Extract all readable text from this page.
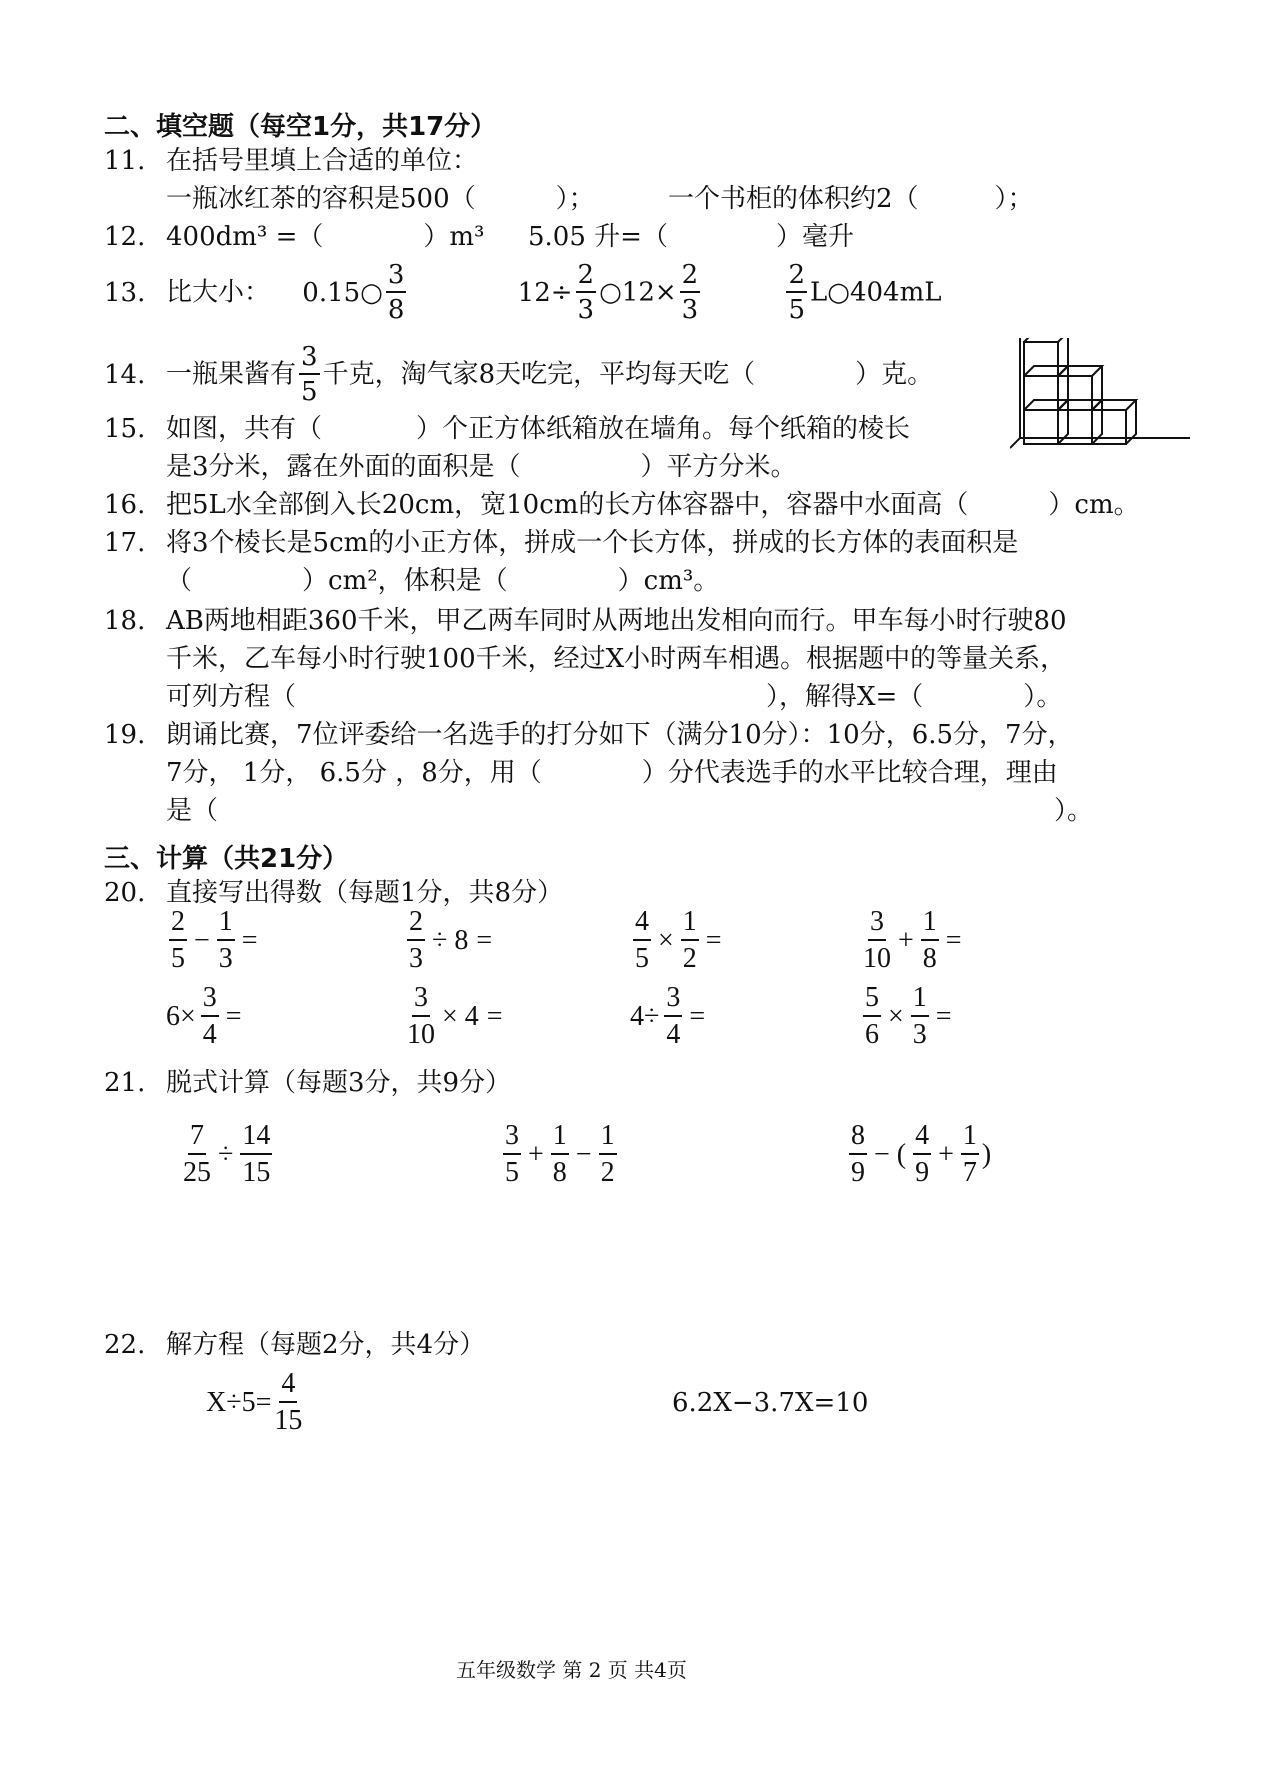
二、填空题（每空1分，共17分）
11. 在括号里填上合适的单位：
一瓶冰红茶的容积是500（	）；	一个书柜的体积约2（	）；
12. 400dm³ =（	）m³ 5.05 升=（	）毫升
13. 比大小： 0.15○ $\frac{3}{8}$	$12\div \frac{2}{3}$ ○12× $\frac{2}{3}$
	$\frac{2}{5}$ L○404mL
14. 一瓶果酱有 $\frac{3}{5}$ 千克，淘气家8天吃完，平均每天吃（	）克。
15. 如图，共有（	）个正方体纸箱放在墙角。每个纸箱的棱长
是3分米，露在外面的面积是（	）平方分米。
16. 把5L水全部倒入长20cm，宽10cm的长方体容器中，容器中水面高（	）cm。
17. 将3个棱长是5cm的小正方体，拼成一个长方体，拼成的长方体的表面积是
（	）cm²，体积是（	）cm³。
18. AB两地相距360千米，甲乙两车同时从两地出发相向而行。甲车每小时行驶80
千米，乙车每小时行驶100千米，经过X小时两车相遇。根据题中的等量关系，
可列方程（	），解得X=（	）。
19. 朗诵比赛，7位评委给一名选手的打分如下（满分10分）：10分，6.5分，7分，
7分， 1分， 6.5分 ，8分，用（	）分代表选手的水平比较合理，理由
是（	）。
三、计算（共21分）
20. 直接写出得数（每题1分，共8分）
$\frac{2}{5} - \frac{1}{3}$ =	$\frac{2}{3} \div 8$ =	$\frac{4}{5} \times \frac{1}{2}$ =	$\frac{3}{10} + \frac{1}{8}$ =
$6\times \frac{3}{4}$ =	$\frac{3}{10} \times 4$ =	$4\div \frac{3}{4}$ =	$\frac{5}{6} \times \frac{1}{3}$ =
21. 脱式计算（每题3分，共9分）
$\frac{7}{25} \div \frac{14}{15}$	$\frac{3}{5} + \frac{1}{8} - \frac{1}{2}$	$\frac{8}{9}$ − ( $\frac{4}{9} + \frac{1}{7}$ )
22. 解方程（每题2分，共4分）
$X\div 5= \frac{4}{15}$	6.2X−3.7X=10
五年级数学 第 2 页 共4页
